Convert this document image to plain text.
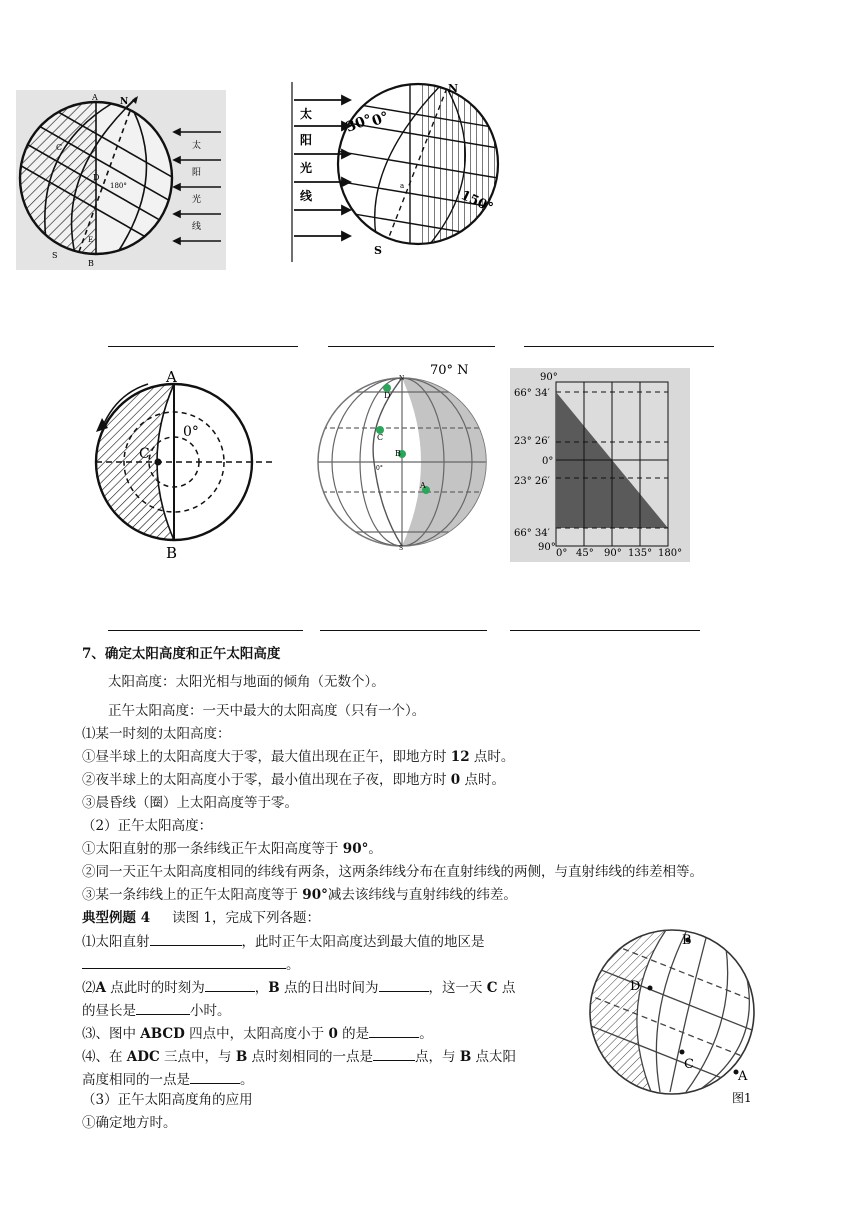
太
阳
光
线
A N
C
D
180°
E
S
B
太
阳
光
线
N
S
30°
0°
150°
a
A
B
C
0°
70° N
N
D
C
B
A
0°
S
90°
66° 34′
23° 26′
0°
23° 26′
66° 34′
90°
0° 45° 90° 135° 180°
7、确定太阳高度和正午太阳高度
太阳高度：太阳光相与地面的倾角（无数个）。
正午太阳高度：一天中最大的太阳高度（只有一个）。
⑴某一时刻的太阳高度：
①昼半球上的太阳高度大于零，最大值出现在正午，即地方时 12 点时。
②夜半球上的太阳高度小于零，最小值出现在子夜，即地方时 0 点时。
③晨昏线（圈）上太阳高度等于零。
（2）正午太阳高度：
①太阳直射的那一条纬线正午太阳高度等于 90°。
②同一天正午太阳高度相同的纬线有两条，这两条纬线分布在直射纬线的两侧，与直射纬线的纬差相等。
③某一条纬线上的正午太阳高度等于 90°减去该纬线与直射纬线的纬差。
典型例题 4 读图 1，完成下列各题：
⑴太阳直射	，此时正午太阳高度达到最大值的地区是
。
⑵A 点此时的时刻为	，B 点的日出时间为	，这一天 C 点
的昼长是	小时。
⑶、图中 ABCD 四点中，太阳高度小于 0 的是	。
⑷、在 ADC 三点中，与 B 点时刻相同的一点是	点，与 B 点太阳
高度相同的一点是	。
（3）正午太阳高度角的应用
①确定地方时。
B
D
C
A
图1
